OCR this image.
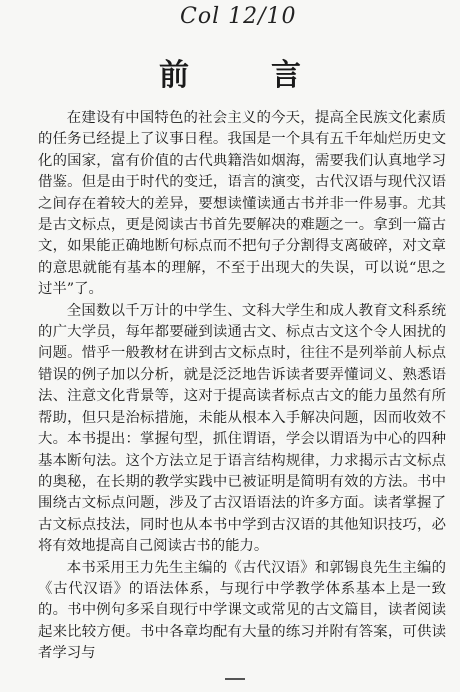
Col 12/10
前　言

在建设有中国特色的社会主义的今天，提高全民族文化素质的任务已经提上了议事日程。我国是一个具有五千年灿烂历史文化的国家，富有价值的古代典籍浩如烟海，需要我们认真地学习借鉴。但是由于时代的变迁，语言的演变，古代汉语与现代汉语之间存在着较大的差异，要想读懂读通古书并非一件易事。尤其是古文标点，更是阅读古书首先要解决的难题之一。拿到一篇古文，如果能正确地断句标点而不把句子分割得支离破碎，对文章的意思就能有基本的理解，不至于出现大的失误，可以说“思之过半”了。

全国数以千万计的中学生、文科大学生和成人教育文科系统的广大学员，每年都要碰到读通古文、标点古文这个令人困扰的问题。惜乎一般教材在讲到古文标点时，往往不是列举前人标点错误的例子加以分析，就是泛泛地告诉读者要弄懂词义、熟悉语法、注意文化背景等，这对于提高读者标点古文的能力虽然有所帮助，但只是治标措施，未能从根本入手解决问题，因而收效不大。本书提出：掌握句型，抓住谓语，学会以谓语为中心的四种基本断句法。这个方法立足于语言结构规律，力求揭示古文标点的奥秘，在长期的教学实践中已被证明是简明有效的方法。书中围绕古文标点问题，涉及了古汉语语法的许多方面。读者掌握了古文标点技法，同时也从本书中学到古汉语的其他知识技巧，必将有效地提高自己阅读古书的能力。

本书采用王力先生主编的《古代汉语》和郭锡良先生主编的《古代汉语》的语法体系，与现行中学教学体系基本上是一致的。书中例句多采自现行中学课文或常见的古文篇目，读者阅读起来比较方便。书中各章均配有大量的练习并附有答案，可供读者学习与
